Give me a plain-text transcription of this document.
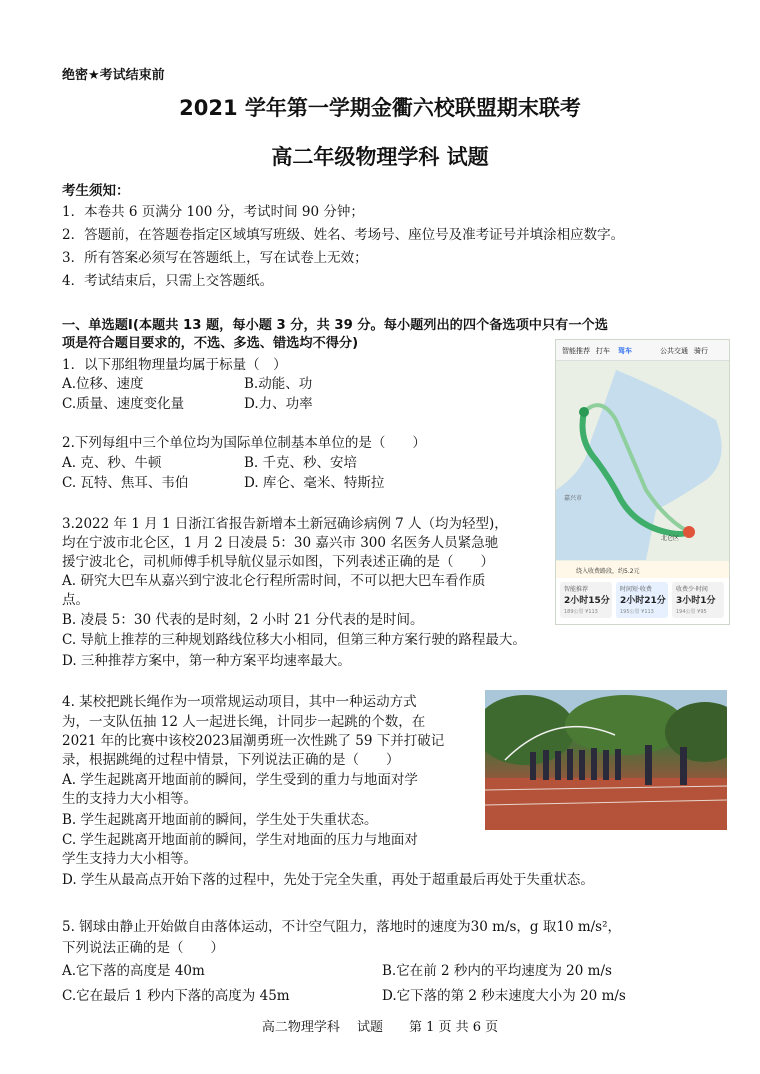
绝密★考试结束前
2021 学年第一学期金衢六校联盟期末联考
高二年级物理学科 试题
考生须知：
1．本卷共 6 页满分 100 分，考试时间 90 分钟；
2．答题前，在答题卷指定区域填写班级、姓名、考场号、座位号及准考证号并填涂相应数字。
3．所有答案必须写在答题纸上，写在试卷上无效；
4．考试结束后，只需上交答题纸。
一、单选题Ⅰ(本题共 13 题，每小题 3 分，共 39 分。每小题列出的四个备选项中只有一个选
项是符合题目要求的，不选、多选、错选均不得分)
1．以下那组物理量均属于标量（　）
A.位移、速度	B.动能、功
C.质量、速度变化量	D.力、功率
2.下列每组中三个单位均为国际单位制基本单位的是（　　）
A. 克、秒、牛顿	B. 千克、秒、安培
C. 瓦特、焦耳、韦伯	D. 库仑、毫米、特斯拉
智能推荐 打车 驾车	公共交通 骑行
嘉兴市
北仑区
绕入收费路段，约5.2元
智能推荐
2小时15分
189公里 ¥113
时间短·收费
2小时21分
195公里 ¥113
收费少·时间
3小时1分
194公里 ¥95
3.2022 年 1 月 1 日浙江省报告新增本土新冠确诊病例 7 人（均为轻型)，
均在宁波市北仑区，1 月 2 日凌晨 5：30 嘉兴市 300 名医务人员紧急驰
援宁波北仑，司机师傅手机导航仪显示如图，下列表述正确的是（　　）
A. 研究大巴车从嘉兴到宁波北仑行程所需时间，不可以把大巴车看作质
点。
B. 凌晨 5：30 代表的是时刻，2 小时 21 分代表的是时间。
C. 导航上推荐的三种规划路线位移大小相同，但第三种方案行驶的路程最大。
D. 三种推荐方案中，第一种方案平均速率最大。
4. 某校把跳长绳作为一项常规运动项目，其中一种运动方式
为，一支队伍抽 12 人一起进长绳，计同步一起跳的个数，在
2021 年的比赛中该校2023届潮勇班一次性跳了 59 下并打破记
录，根据跳绳的过程中情景，下列说法正确的是（　　）
A. 学生起跳离开地面前的瞬间，学生受到的重力与地面对学
生的支持力大小相等。
B. 学生起跳离开地面前的瞬间，学生处于失重状态。
C. 学生起跳离开地面前的瞬间，学生对地面的压力与地面对
学生支持力大小相等。
D. 学生从最高点开始下落的过程中，先处于完全失重，再处于超重最后再处于失重状态。
5. 钢球由静止开始做自由落体运动，不计空气阻力，落地时的速度为30 m/s，g 取10 m/s²，
下列说法正确的是（　　）
A.它下落的高度是 40m	B.它在前 2 秒内的平均速度为 20 m/s
C.它在最后 1 秒内下落的高度为 45m	D.它下落的第 2 秒末速度大小为 20 m/s
高二物理学科　 试题　　第 1 页 共 6 页
